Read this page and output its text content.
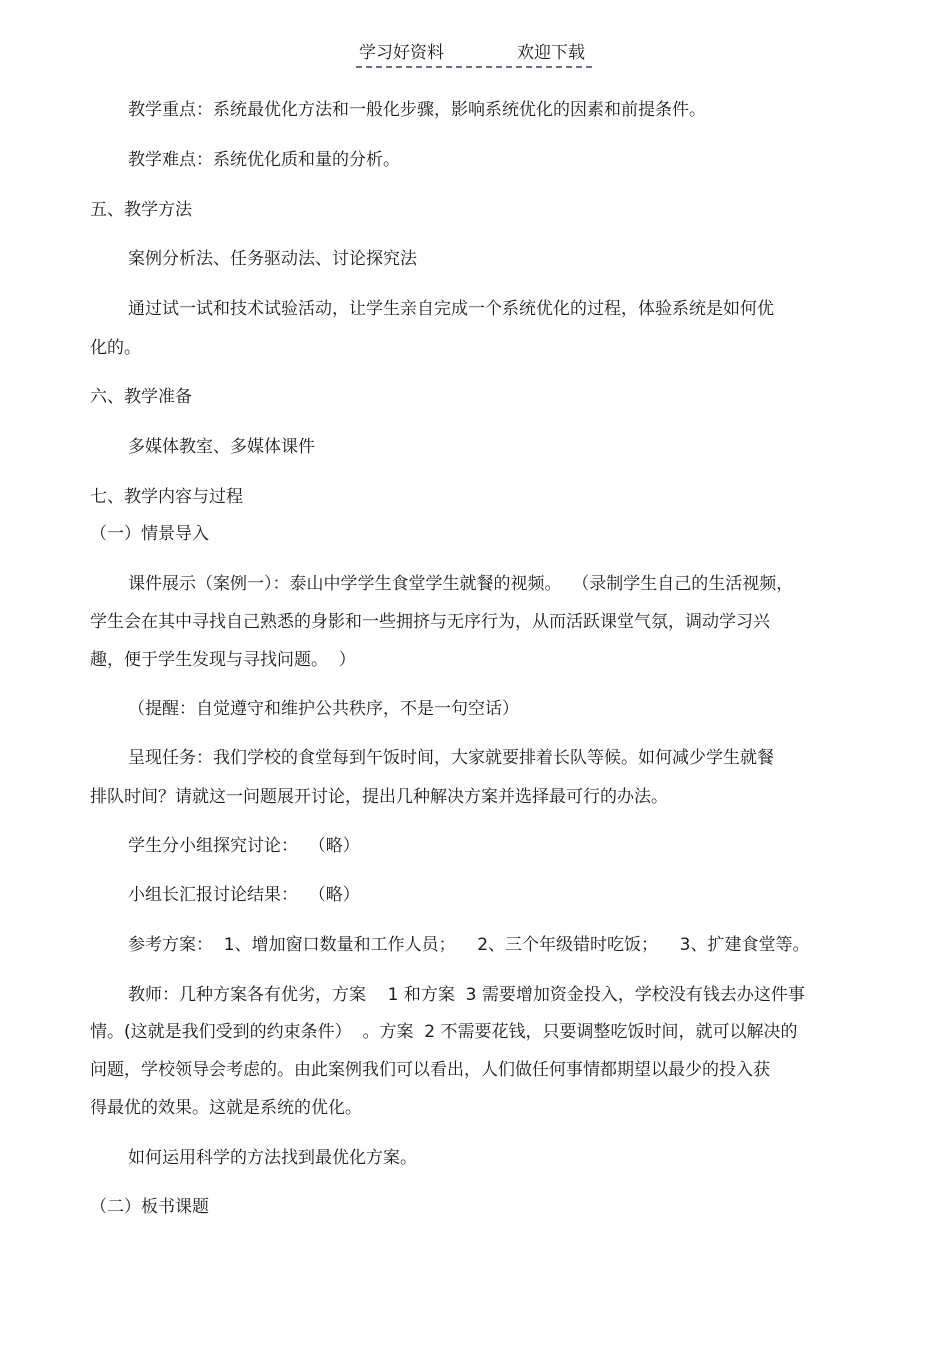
学习好资料	欢迎下载
教学重点：系统最优化方法和一般化步骤，影响系统优化的因素和前提条件。
教学难点：系统优化质和量的分析。
五、教学方法
案例分析法、任务驱动法、讨论探究法
通过试一试和技术试验活动，让学生亲自完成一个系统优化的过程，体验系统是如何优
化的。
六、教学准备
多媒体教室、多媒体课件
七、教学内容与过程
（一）情景导入
课件展示（案例一）：泰山中学学生食堂学生就餐的视频。  （录制学生自己的生活视频，
学生会在其中寻找自己熟悉的身影和一些拥挤与无序行为，从而活跃课堂气氛，调动学习兴
趣，便于学生发现与寻找问题。  ）
（提醒：自觉遵守和维护公共秩序，不是一句空话）
呈现任务：我们学校的食堂每到午饭时间，大家就要排着长队等候。如何减少学生就餐
排队时间？请就这一问题展开讨论，提出几种解决方案并选择最可行的办法。
学生分小组探究讨论：  （略）
小组长汇报讨论结果：  （略）
参考方案：  1、增加窗口数量和工作人员；    2、三个年级错时吃饭；    3、扩建食堂等。
教师：几种方案各有优劣，方案    1 和方案  3 需要增加资金投入，学校没有钱去办这件事
情。(这就是我们受到的约束条件）  。方案  2 不需要花钱，只要调整吃饭时间，就可以解决的
问题，学校领导会考虑的。由此案例我们可以看出，人们做任何事情都期望以最少的投入获
得最优的效果。这就是系统的优化。
如何运用科学的方法找到最优化方案。
（二）板书课题
